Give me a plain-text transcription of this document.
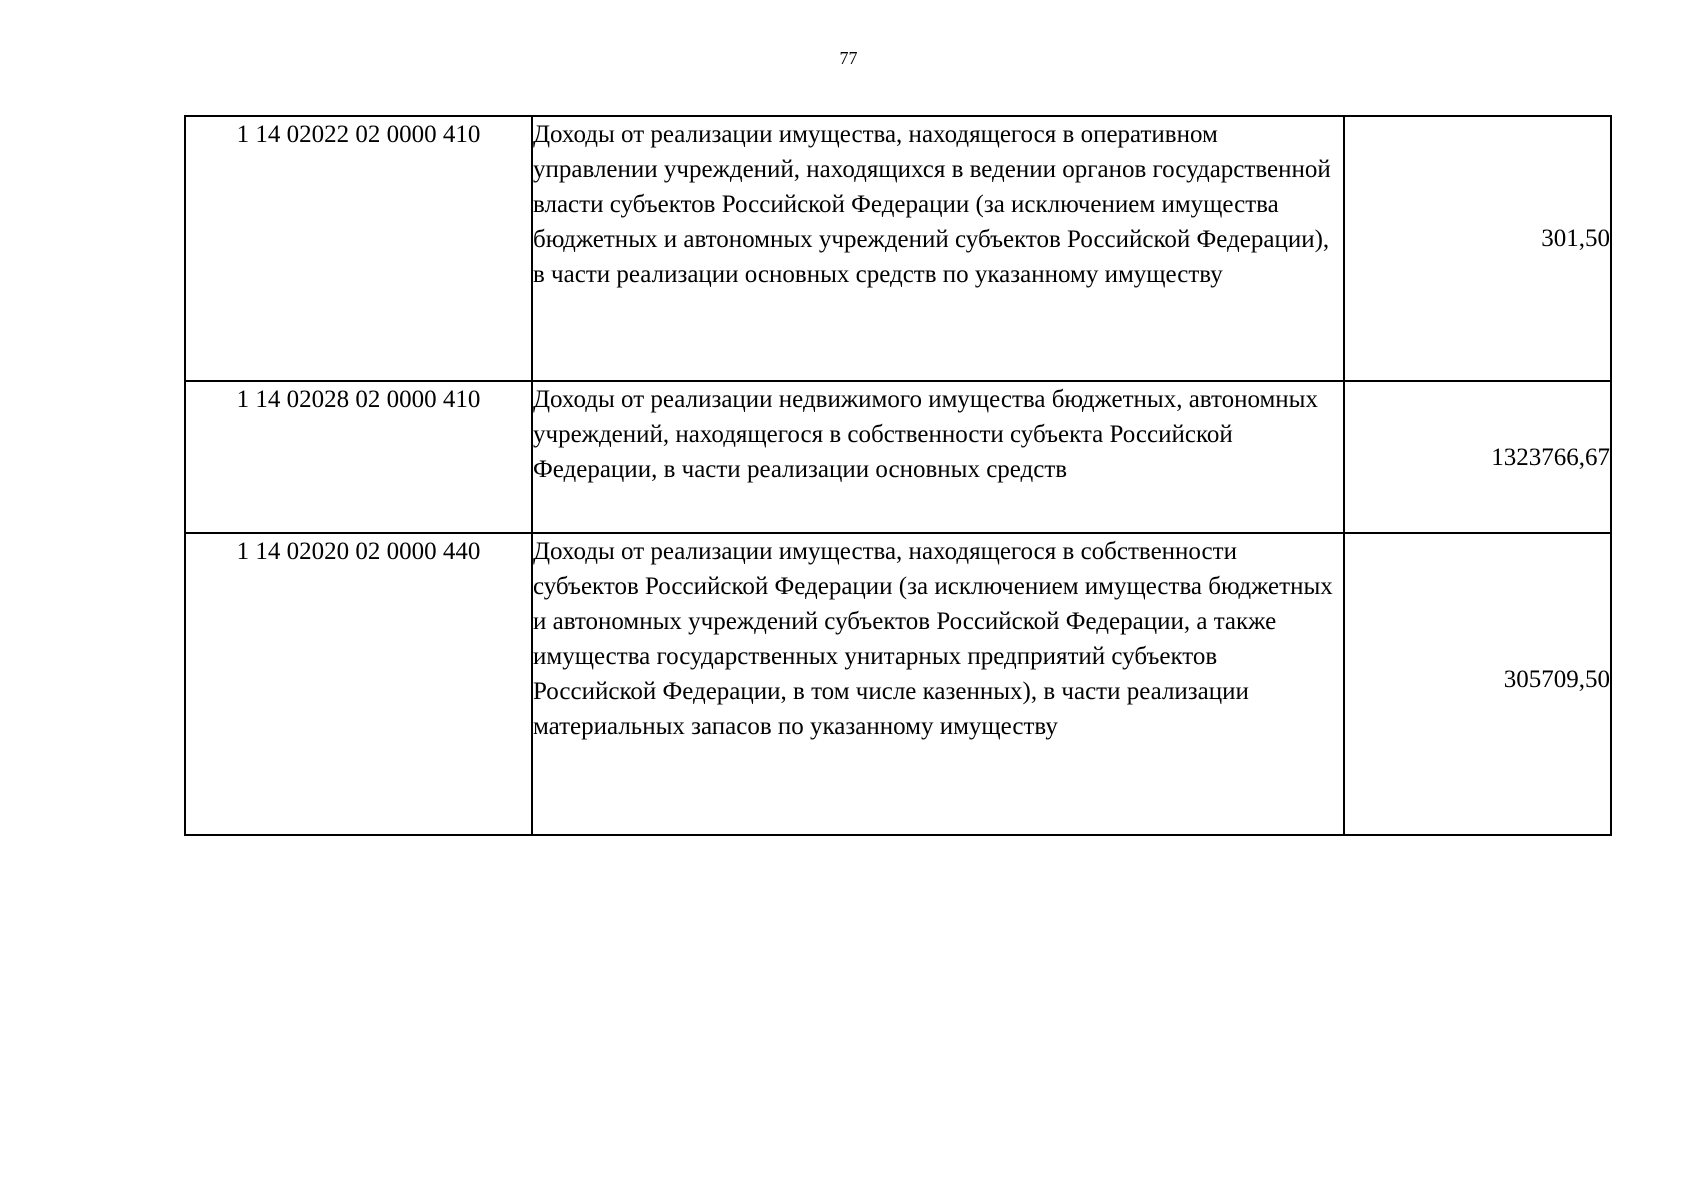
77
1 14 02022 02 0000 410	Доходы от реализации имущества, находящегося в оперативном управлении учреждений, находящихся в ведении органов государственной власти субъектов Российской Федерации (за исключением имущества бюджетных и автономных учреждений субъектов Российской Федерации), в части реализации основных средств по указанному имуществу	301,50
1 14 02028 02 0000 410	Доходы от реализации недвижимого имущества бюджетных, автономных учреждений, находящегося в собственности субъекта Российской Федерации, в части реализации основных средств	1323766,67
1 14 02020 02 0000 440	Доходы от реализации имущества, находящегося в собственности субъектов Российской Федерации (за исключением имущества бюджетных и автономных учреждений субъектов Российской Федерации, а также имущества государственных унитарных предприятий субъектов Российской Федерации, в том числе казенных), в части реализации материальных запасов по указанному имуществу	305709,50
